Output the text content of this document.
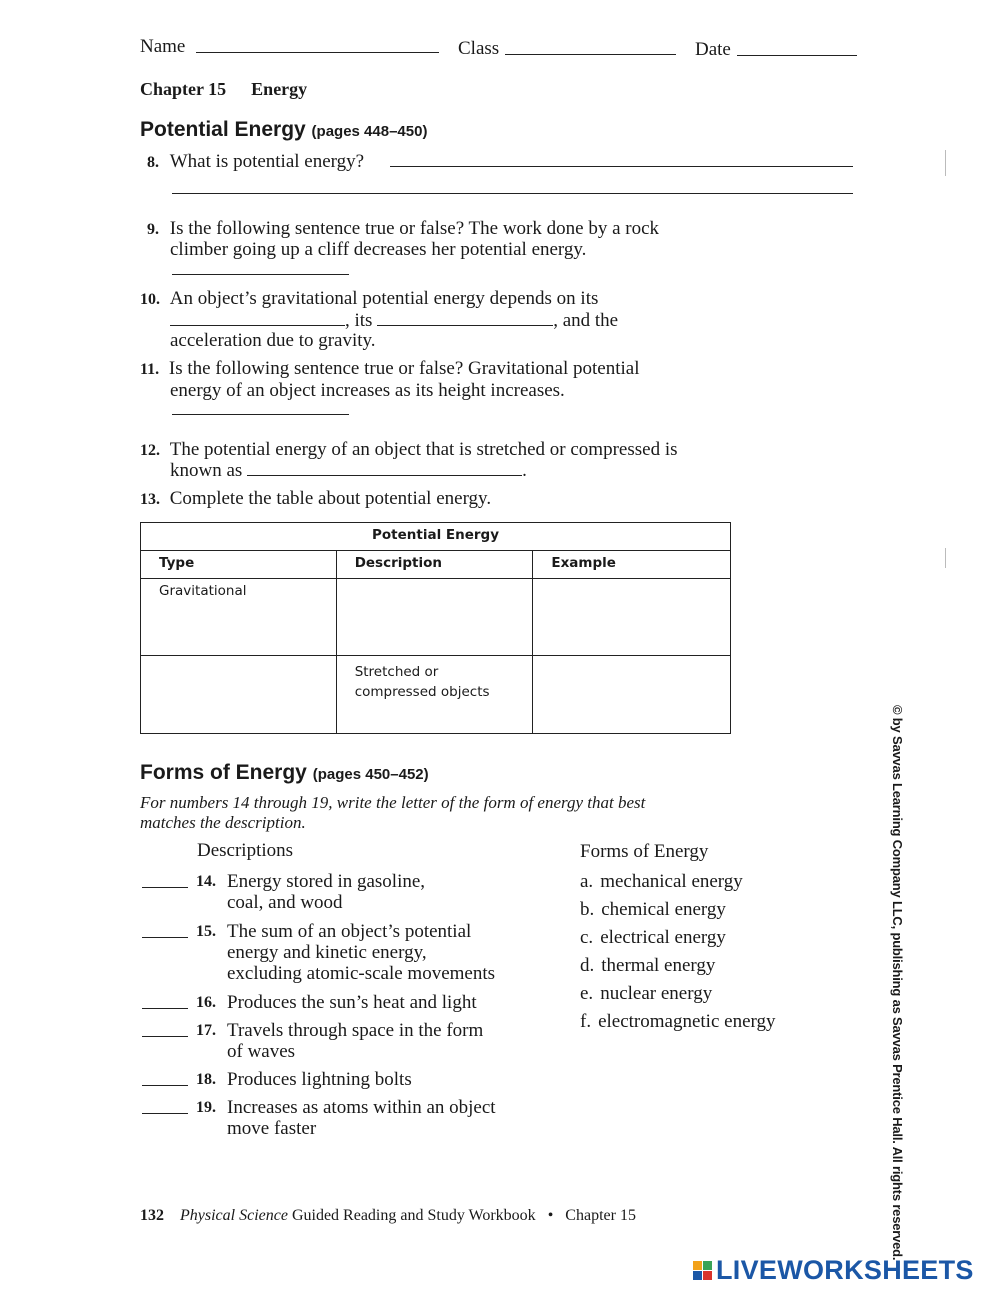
Name	Class	Date
Chapter 15 Energy
Potential Energy (pages 448–450)
8. What is potential energy?
9. Is the following sentence true or false? The work done by a rock
climber going up a cliff decreases her potential energy.
10. An object’s gravitational potential energy depends on its
, its	, and the
acceleration due to gravity.
11. Is the following sentence true or false? Gravitational potential
energy of an object increases as its height increases.
12. The potential energy of an object that is stretched or compressed is
known as	.
13. Complete the table about potential energy.
Potential Energy		
Type	Description	Example
Gravitational		
	Stretched or compressed objects	
Forms of Energy (pages 450–452)
For numbers 14 through 19, write the letter of the form of energy that best
matches the description.
Descriptions	Forms of Energy
14. Energy stored in gasoline,
coal, and wood
15. The sum of an object’s potential
energy and kinetic energy,
excluding atomic-scale movements
16. Produces the sun’s heat and light
17. Travels through space in the form
of waves
18. Produces lightning bolts
19. Increases as atoms within an object
move faster
a. mechanical energy
b. chemical energy
c. electrical energy
d. thermal energy
e. nuclear energy
f. electromagnetic energy
132 Physical Science Guided Reading and Study Workbook • Chapter 15	© by Savvas Learning Company LLC, publishing as Savvas Prentice Hall. All rights reserved.
LIVEWORKSHEETS
